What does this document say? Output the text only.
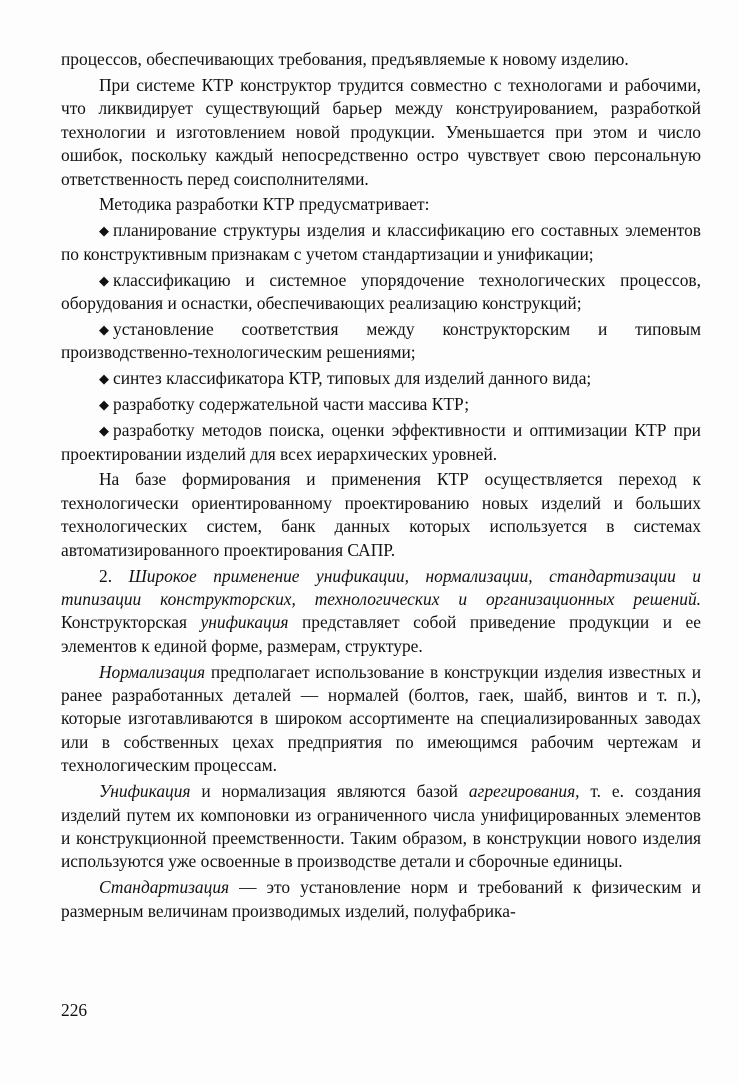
процессов, обеспечивающих требования, предъявляемые к новому изделию.

При системе КТР конструктор трудится совместно с технологами и рабочими, что ликвидирует существующий барьер между конструированием, разработкой технологии и изготовлением новой продукции. Уменьшается при этом и число ошибок, поскольку каждый непосредственно остро чувствует свою персональную ответственность перед соисполнителями.

Методика разработки КТР предусматривает:

◆ планирование структуры изделия и классификацию его составных элементов по конструктивным признакам с учетом стандартизации и унификации;

◆ классификацию и системное упорядочение технологических процессов, оборудования и оснастки, обеспечивающих реализацию конструкций;

◆ установление соответствия между конструкторским и типовым производственно-технологическим решениями;

◆ синтез классификатора КТР, типовых для изделий данного вида;

◆ разработку содержательной части массива КТР;

◆ разработку методов поиска, оценки эффективности и оптимизации КТР при проектировании изделий для всех иерархических уровней.

На базе формирования и применения КТР осуществляется переход к технологически ориентированному проектированию новых изделий и больших технологических систем, банк данных которых используется в системах автоматизированного проектирования САПР.

2. Широкое применение унификации, нормализации, стандартизации и типизации конструкторских, технологических и организационных решений. Конструкторская унификация представляет собой приведение продукции и ее элементов к единой форме, размерам, структуре.

Нормализация предполагает использование в конструкции изделия известных и ранее разработанных деталей — нормалей (болтов, гаек, шайб, винтов и т. п.), которые изготавливаются в широком ассортименте на специализированных заводах или в собственных цехах предприятия по имеющимся рабочим чертежам и технологическим процессам.

Унификация и нормализация являются базой агрегирования, т. е. создания изделий путем их компоновки из ограниченного числа унифицированных элементов и конструкционной преемственности. Таким образом, в конструкции нового изделия используются уже освоенные в производстве детали и сборочные единицы.

Стандартизация — это установление норм и требований к физическим и размерным величинам производимых изделий, полуфабрика-

226
